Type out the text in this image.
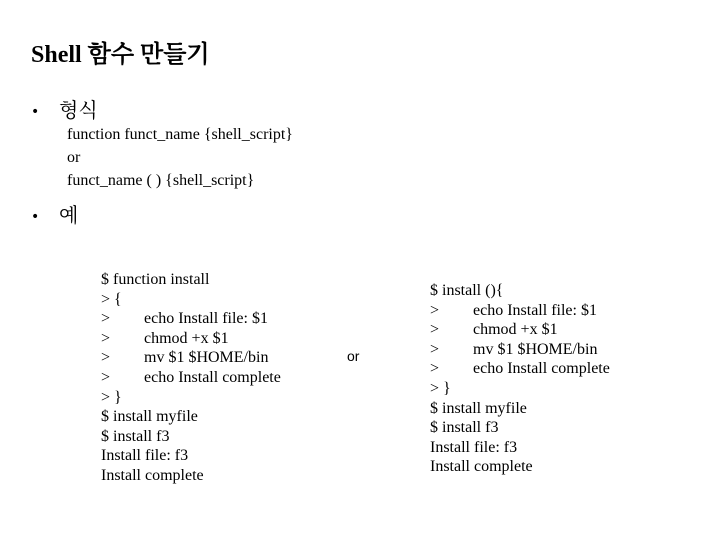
Shell 함수 만들기
• 형식
function funct_name {shell_script}
or
funct_name ( ) {shell_script}
• 예
$ function install
> {
> echo Install file: $1
> chmod +x $1
> mv $1 $HOME/bin
> echo Install complete
> }
$ install myfile
$ install f3
Install file: f3
Install complete
or
$ install (){
> echo Install file: $1
> chmod +x $1
> mv $1 $HOME/bin
> echo Install complete
> }
$ install myfile
$ install f3
Install file: f3
Install complete
